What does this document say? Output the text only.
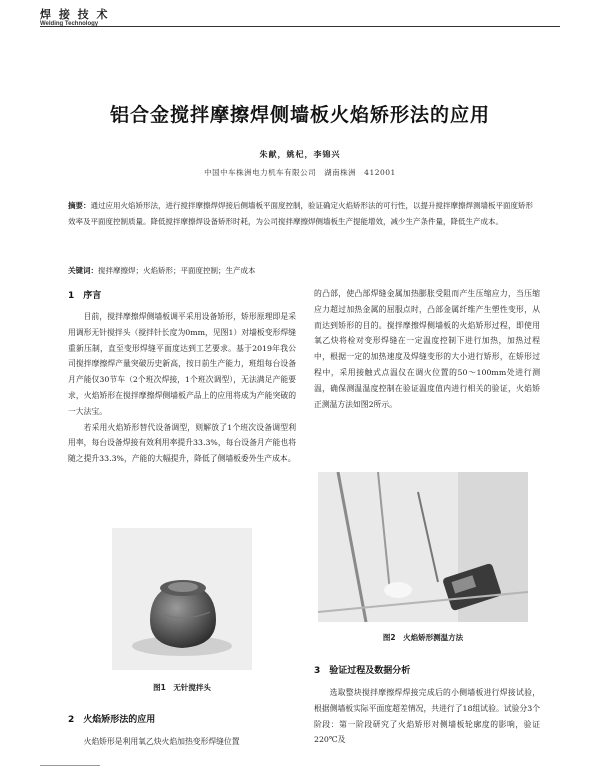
焊 接 技 术
Welding Technology
铝合金搅拌摩擦焊侧墙板火焰矫形法的应用
朱献，姚杞，李锦兴
中国中车株洲电力机车有限公司　湖南株洲　412001
摘要：通过应用火焰矫形法，进行搅拌摩擦焊焊接后侧墙板平面度控制，验证确定火焰矫形法的可行性，以提升搅拌摩擦焊测墙板平面度矫形效率及平面度控制质量。降低搅拌摩擦焊设备矫形时耗，为公司搅拌摩擦焊侧墙板生产提能增效，减少生产条件量，降低生产成本。
关键词：搅拌摩擦焊；火焰矫形；平面度控制；生产成本
1　序言

目前，搅拌摩擦焊侧墙板调平采用设备矫形，矫形原理即是采用调形无针搅拌头（搅拌针长度为0mm，见图1）对墙板变形焊缝重新压制，直至变形焊缝平面度达到工艺要求。基于2019年我公司搅拌摩擦焊产量突破历史新高，按日前生产能力，班组每台设备月产能仅30节车（2个班次焊接，1个班次调型），无法满足产能要求，火焰矫形在搅拌摩擦焊侧墙板产品上的应用将成为产能突破的一大法宝。

若采用火焰矫形替代设备调型，则解放了1个班次设备调型利用率，每台设备焊接有效利用率提升33.3%，每台设备月产能也将随之提升33.3%，产能的大幅提升，降低了侧墙板委外生产成本。

图1　无针搅拌头
2　火焰矫形法的应用

火焰矫形是利用氧乙炔火焰加热变形焊缝位置

的凸部，使凸部焊缝金属加热膨胀受阻而产生压缩应力，当压缩应力超过加热金属的屈服点时，凸部金属纤维产生塑性变形，从而达到矫形的目的。搅拌摩擦焊侧墙板的火焰矫形过程，即使用氧乙炔将检对变形焊缝在一定温度控制下进行加热，加热过程中，根据一定的加热速度及焊缝变形的大小进行矫形，在矫形过程中，采用接触式点温仪在调火位置的50～100mm处进行测温，确保测温温度控制在验证温度值内进行相关的验证，火焰矫正测温方法如图2所示。

图2　火焰矫形测温方法
3　验证过程及数据分析

选取整块搅拌摩擦焊焊接完成后的小侧墙板进行焊接试验，根据侧墙板实际平面度超差情况，共进行了18组试验。试验分3个阶段：第一阶段研究了火焰矫形对侧墙板轮廓度的影响，验证220℃及
